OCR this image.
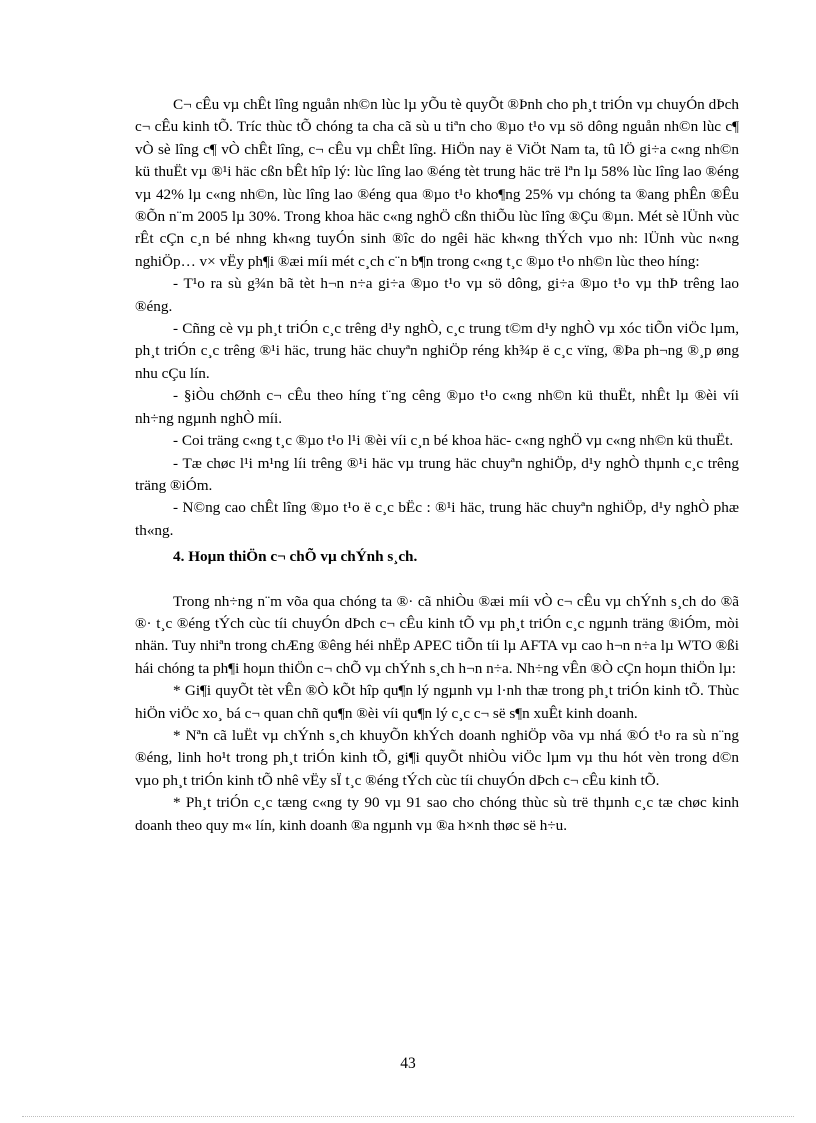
C¬ cÊu vµ chÊt lîng nguån nh©n lùc lµ yÕu tè quyÕt ®Þnh cho ph¸t triÓn vµ chuyÓn dÞch c¬ cÊu kinh tÕ. Tríc thùc tÕ chóng ta cha cã sù u tiªn cho ®µo t¹o vµ sö dông nguån nh©n lùc c¶ vÒ sè lîng c¶ vÒ chÊt lîng, c¬ cÊu vµ chÊt lîng. HiÖn nay ë ViÖt Nam ta, tû lÖ gi÷a c«ng nh©n kü thuËt vµ ®¹i häc cßn bÊt hîp lý: lùc lîng lao ®éng tèt trung häc trë lªn lµ 58% lùc lîng lao ®éng vµ 42% lµ c«ng nh©n, lùc lîng lao ®éng qua ®µo t¹o kho¶ng 25% vµ chóng ta ®ang phÊn ®Êu ®Õn n¨m 2005 lµ 30%. Trong khoa häc c«ng nghÖ cßn thiÕu lùc lîng ®Çu ®µn. Mét sè lÜnh vùc rÊt cÇn c¸n bé nhng kh«ng tuyÓn sinh ®îc do ngêi häc kh«ng thÝch vµo nh: lÜnh vùc n«ng nghiÖp… v× vËy ph¶i ®æi míi mét c¸ch c¨n b¶n trong c«ng t¸c ®µo t¹o nh©n lùc theo híng:

- T¹o ra sù g¾n bã tèt h¬n n÷a gi÷a ®µo t¹o vµ sö dông, gi÷a ®µo t¹o vµ thÞ trêng lao ®éng.

- Cñng cè vµ ph¸t triÓn c¸c trêng d¹y nghÒ, c¸c trung t©m d¹y nghÒ vµ xóc tiÕn viÖc lµm, ph¸t triÓn c¸c trêng ®¹i häc, trung häc chuyªn nghiÖp réng kh¾p ë c¸c vïng, ®Þa ph¬ng ®¸p øng nhu cÇu lín.

- §iÒu chØnh c¬ cÊu theo híng t¨ng cêng ®µo t¹o c«ng nh©n kü thuËt, nhÊt lµ ®èi víi nh÷ng ngµnh nghÒ míi.

- Coi träng c«ng t¸c ®µo t¹o l¹i ®èi víi c¸n bé khoa häc- c«ng nghÖ vµ c«ng nh©n kü thuËt.

- Tæ chøc l¹i m¹ng líi trêng ®¹i häc vµ trung häc chuyªn nghiÖp, d¹y nghÒ thµnh c¸c trêng träng ®iÓm.

- N©ng cao chÊt lîng ®µo t¹o ë c¸c bËc : ®¹i häc, trung häc chuyªn nghiÖp, d¹y nghÒ phæ th«ng.

4. Hoµn thiÖn c¬ chÕ vµ chÝnh s¸ch.

Trong nh÷ng n¨m võa qua chóng ta ®· cã nhiÒu ®æi míi vÒ c¬ cÊu vµ chÝnh s¸ch do ®ã ®· t¸c ®éng tÝch cùc tíi chuyÓn dÞch c¬ cÊu kinh tÕ vµ ph¸t triÓn c¸c ngµnh träng ®iÓm, mòi nhän. Tuy nhiªn trong chÆng ®êng héi nhËp APEC tiÕn tíi lµ AFTA vµ cao h¬n n÷a lµ WTO ®ßi hái chóng ta ph¶i hoµn thiÖn c¬ chÕ vµ chÝnh s¸ch h¬n n÷a. Nh÷ng vÊn ®Ò cÇn hoµn thiÖn lµ:

* Gi¶i quyÕt tèt vÊn ®Ò kÕt hîp qu¶n lý ngµnh vµ l·nh thæ trong ph¸t triÓn kinh tÕ. Thùc hiÖn viÖc xo¸ bá c¬ quan chñ qu¶n ®èi víi qu¶n lý c¸c c¬ së s¶n xuÊt kinh doanh.

* Nªn cã luËt vµ chÝnh s¸ch khuyÕn khÝch doanh nghiÖp võa vµ nhá ®Ó t¹o ra sù n¨ng ®éng, linh ho¹t trong ph¸t triÓn kinh tÕ, gi¶i quyÕt nhiÒu viÖc lµm vµ thu hót vèn trong d©n vµo ph¸t triÓn kinh tÕ nhê vËy sÏ t¸c ®éng tÝch cùc tíi chuyÓn dÞch c¬ cÊu kinh tÕ.

* Ph¸t triÓn c¸c tæng c«ng ty 90 vµ 91 sao cho chóng thùc sù trë thµnh c¸c tæ chøc kinh doanh theo quy m« lín, kinh doanh ®a ngµnh vµ ®a h×nh thøc së h÷u.

43
